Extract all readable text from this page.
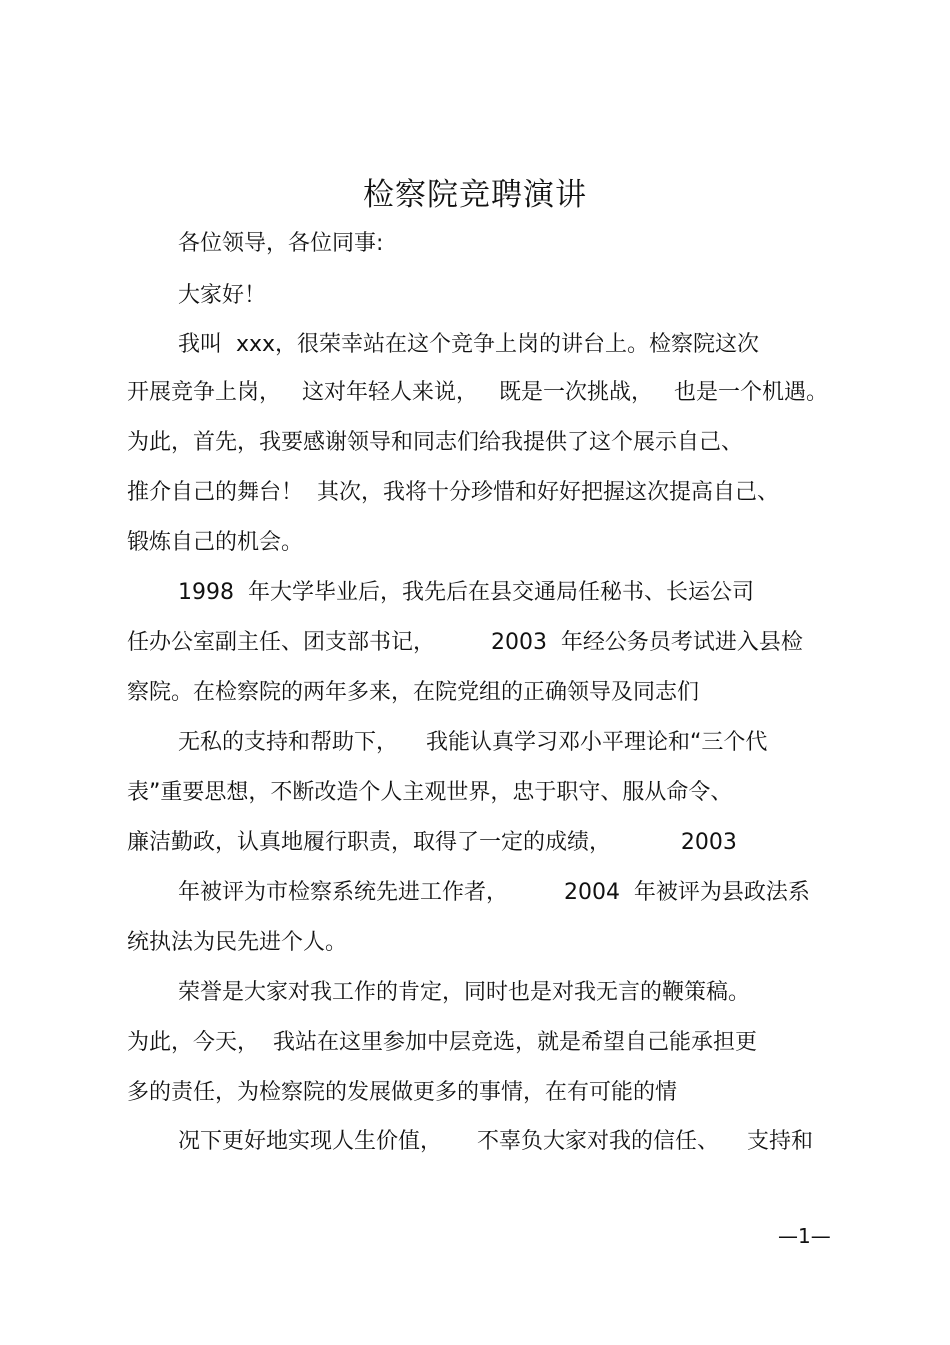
检察院竞聘演讲
各位领导，各位同事:
大家好！
我叫  xxx，很荣幸站在这个竞争上岗的讲台上。检察院这次
开展竞争上岗，   这对年轻人来说，   既是一次挑战，   也是一个机遇。
为此，首先，我要感谢领导和同志们给我提供了这个展示自己、
推介自己的舞台！  其次，我将十分珍惜和好好把握这次提高自己、
锻炼自己的机会。
1998  年大学毕业后，我先后在县交通局任秘书、长运公司
任办公室副主任、团支部书记，        2003  年经公务员考试进入县检
察院。在检察院的两年多来，在院党组的正确领导及同志们
无私的支持和帮助下，    我能认真学习邓小平理论和“三个代
表”重要思想，不断改造个人主观世界，忠于职守、服从命令、
廉洁勤政，认真地履行职责，取得了一定的成绩，          2003
年被评为市检察系统先进工作者，        2004  年被评为县政法系
统执法为民先进个人。
荣誉是大家对我工作的肯定，同时也是对我无言的鞭策稿。
为此，今天，  我站在这里参加中层竞选，就是希望自己能承担更
多的责任，为检察院的发展做更多的事情，在有可能的情
况下更好地实现人生价值，     不辜负大家对我的信任、    支持和
—1—
